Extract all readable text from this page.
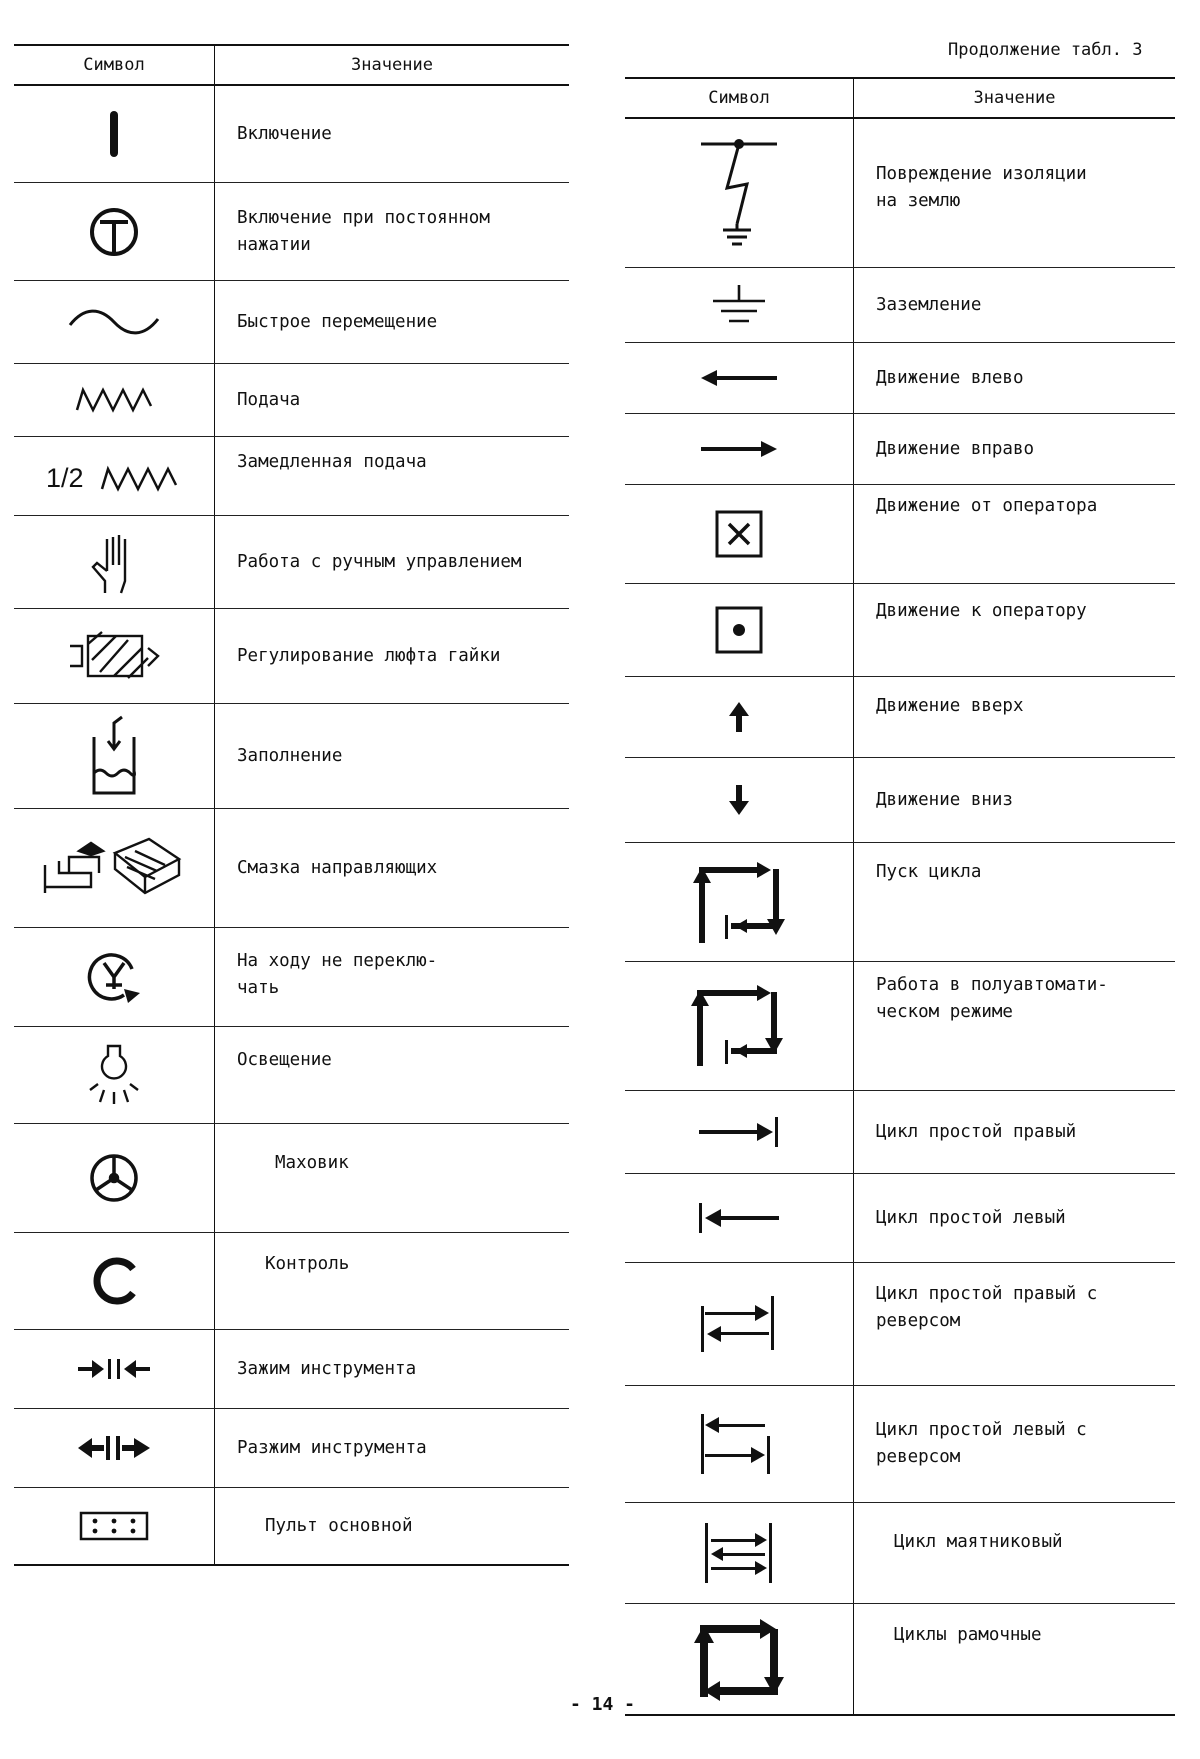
Продолжение табл. 3
Символ	Значение
Включение
Включение при постоянном
нажатии
Быстрое перемещение
Подача
1/2
Замедленная подача
Работа с ручным управлением
Регулирование люфта гайки
Заполнение
Смазка направляющих
На ходу не переклю-
чать
Освещение
Маховик
Контроль
Зажим инструмента
Разжим инструмента
Пульт основной
Символ	Значение
Повреждение изоляции
на землю
Заземление
Движение влево
Движение вправо
Движение от оператора
Движение к оператору
Движение вверх
Движение вниз
Пуск цикла
Работа в полуавтомати-
ческом режиме
Цикл простой правый
Цикл простой левый
Цикл простой правый с
реверсом
Цикл простой левый с
реверсом
Цикл маятниковый
Циклы рамочные
- 14 -
